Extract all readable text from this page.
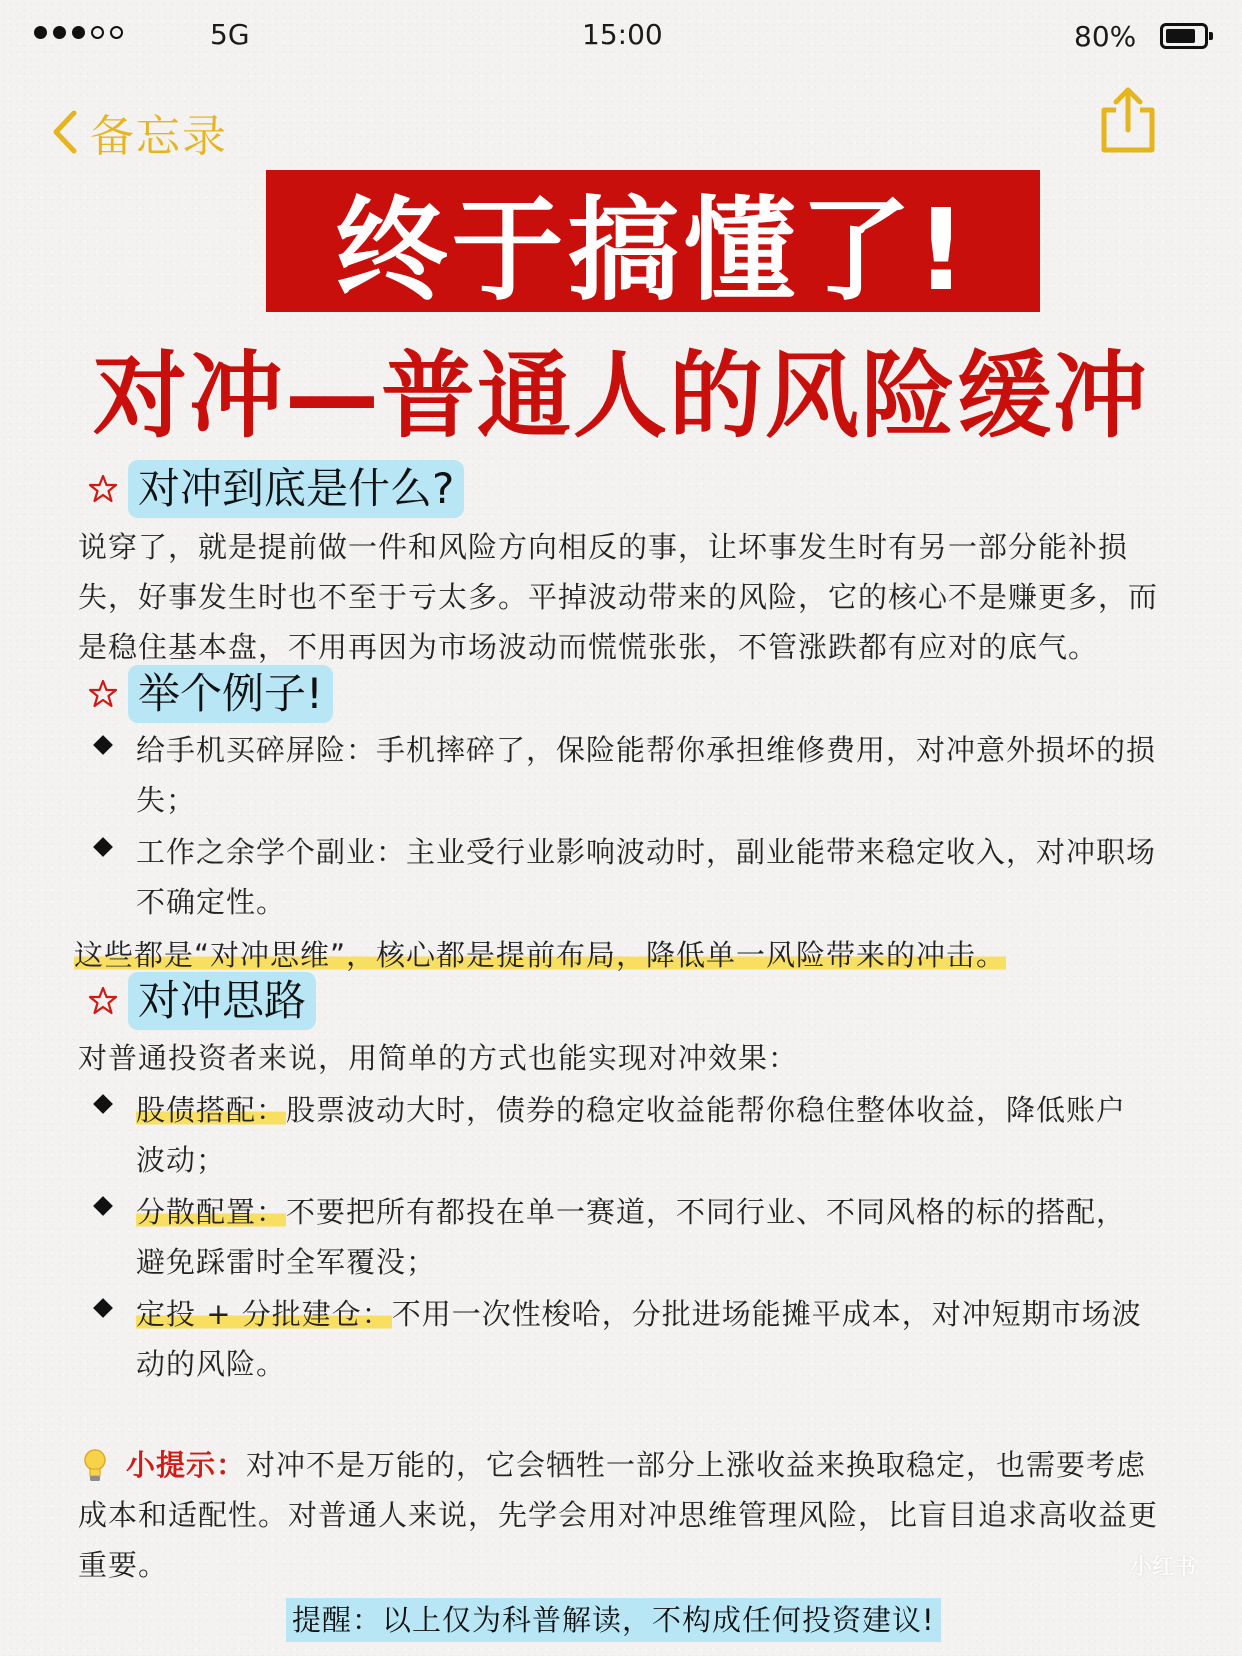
5G	15:00	80%
备忘录
终于搞懂了!
对冲—普通人的风险缓冲
对冲到底是什么?
说穿了，就是提前做一件和风险方向相反的事，让坏事发生时有另一部分能补损失，好事发生时也不至于亏太多。平掉波动带来的风险，它的核心不是赚更多，而是稳住基本盘，不用再因为市场波动而慌慌张张，不管涨跌都有应对的底气。
举个例子!
给手机买碎屏险：手机摔碎了，保险能帮你承担维修费用，对冲意外损坏的损失；
工作之余学个副业：主业受行业影响波动时，副业能带来稳定收入，对冲职场不确定性。
这些都是“对冲思维”，核心都是提前布局，降低单一风险带来的冲击。
对冲思路
对普通投资者来说，用简单的方式也能实现对冲效果：
股债搭配：股票波动大时，债券的稳定收益能帮你稳住整体收益，降低账户波动；
分散配置：不要把所有都投在单一赛道，不同行业、不同风格的标的搭配，避免踩雷时全军覆没；
定投 + 分批建仓：不用一次性梭哈，分批进场能摊平成本，对冲短期市场波动的风险。
小提示：对冲不是万能的，它会牺牲一部分上涨收益来换取稳定，也需要考虑成本和适配性。对普通人来说，先学会用对冲思维管理风险，比盲目追求高收益更重要。
提醒：以上仅为科普解读，不构成任何投资建议!
小红书
